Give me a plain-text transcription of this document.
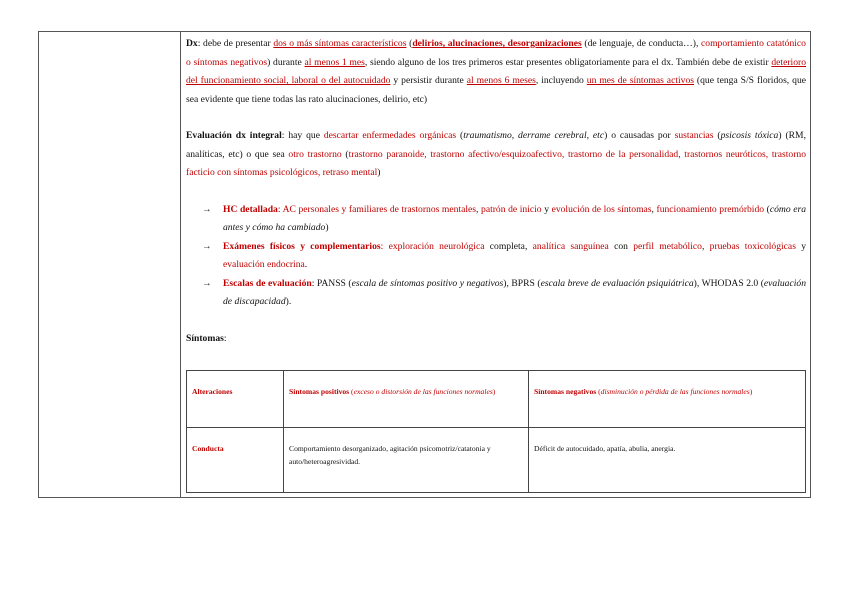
Dx: debe de presentar dos o más síntomas característicos (delirios, alucinaciones, desorganizaciones (de lenguaje, de conducta…), comportamiento catatónico o síntomas negativos) durante al menos 1 mes, siendo alguno de los tres primeros estar presentes obligatoriamente para el dx. También debe de existir deterioro del funcionamiento social, laboral o del autocuidado y persistir durante al menos 6 meses, incluyendo un mes de síntomas activos (que tenga S/S floridos, que sea evidente que tiene todas las rato alucinaciones, delirio, etc)

Evaluación dx integral: hay que descartar enfermedades orgánicas (traumatismo, derrame cerebral, etc) o causadas por sustancias (psicosis tóxica) (RM, analíticas, etc) o que sea otro trastorno (trastorno paranoide, trastorno afectivo/esquizoafectivo, trastorno de la personalidad, trastornos neuróticos, trastorno facticio con síntomas psicológicos, retraso mental)

→ HC detallada: AC personales y familiares de trastornos mentales, patrón de inicio y evolución de los síntomas, funcionamiento premórbido (cómo era antes y cómo ha cambiado)
→ Exámenes físicos y complementarios: exploración neurológica completa, analítica sanguínea con perfil metabólico, pruebas toxicológicas y evaluación endocrina.
→ Escalas de evaluación: PANSS (escala de síntomas positivo y negativos), BPRS (escala breve de evaluación psiquiátrica), WHODAS 2.0 (evaluación de discapacidad).

Síntomas:

Alteraciones	Síntomas positivos (exceso o distorsión de las funciones normales)	Síntomas negativos (disminución o pérdida de las funciones normales)
Conducta	Comportamiento desorganizado, agitación psicomotriz/catatonia y auto/heteroagresividad.	Déficit de autocuidado, apatía, abulia, anergia.
